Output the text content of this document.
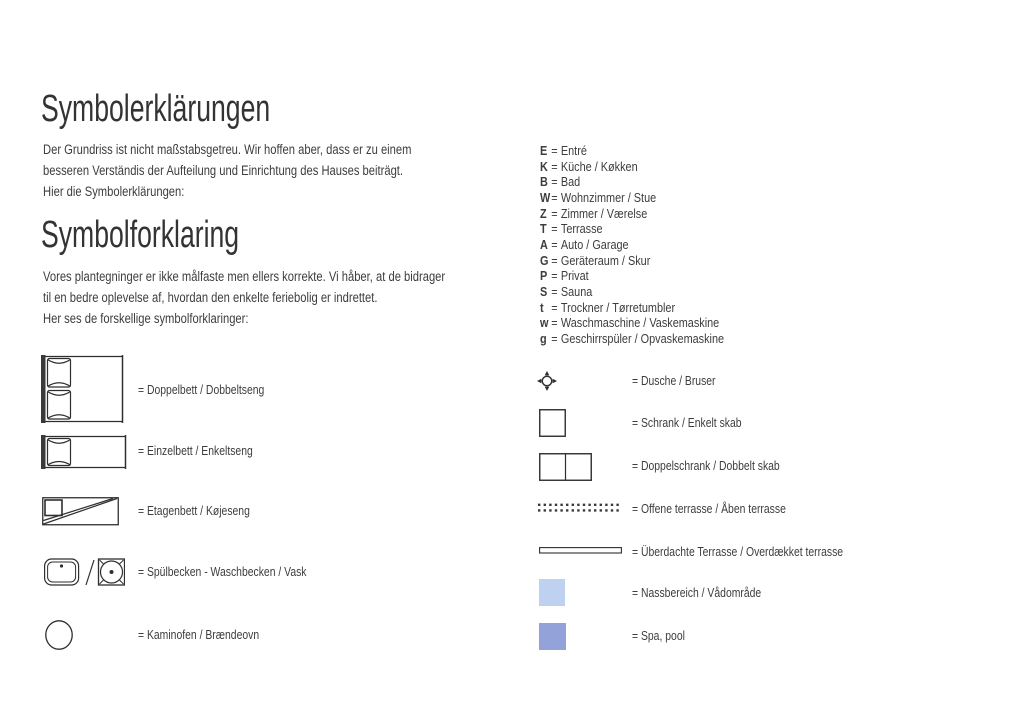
Symbolerklärungen
Der Grundriss ist nicht maßstabsgetreu. Wir hoffen aber, dass er zu einem
besseren Verständis der Aufteilung und Einrichtung des Hauses beiträgt.
Hier die Symbolerklärungen:
Symbolforklaring
Vores plantegninger er ikke målfaste men ellers korrekte. Vi håber, at de bidrager
til en bedre oplevelse af, hvordan den enkelte feriebolig er indrettet.
Her ses de forskellige symbolforklaringer:
E = Entré
K = Küche / Køkken
B = Bad
W = Wohnzimmer / Stue
Z = Zimmer / Værelse
T = Terrasse
A = Auto / Garage
G = Geräteraum / Skur
P = Privat
S = Sauna
t = Trockner / Tørretumbler
w = Waschmaschine / Vaskemaskine
g = Geschirrspüler / Opvaskemaskine
= Doppelbett / Dobbeltseng
= Einzelbett / Enkeltseng
= Etagenbett / Køjeseng
= Spülbecken - Waschbecken / Vask
= Kaminofen / Brændeovn
= Dusche / Bruser
= Schrank / Enkelt skab
= Doppelschrank / Dobbelt skab
= Offene terrasse / Åben terrasse
= Überdachte Terrasse / Overdækket terrasse
= Nassbereich / Vådområde
= Spa, pool
